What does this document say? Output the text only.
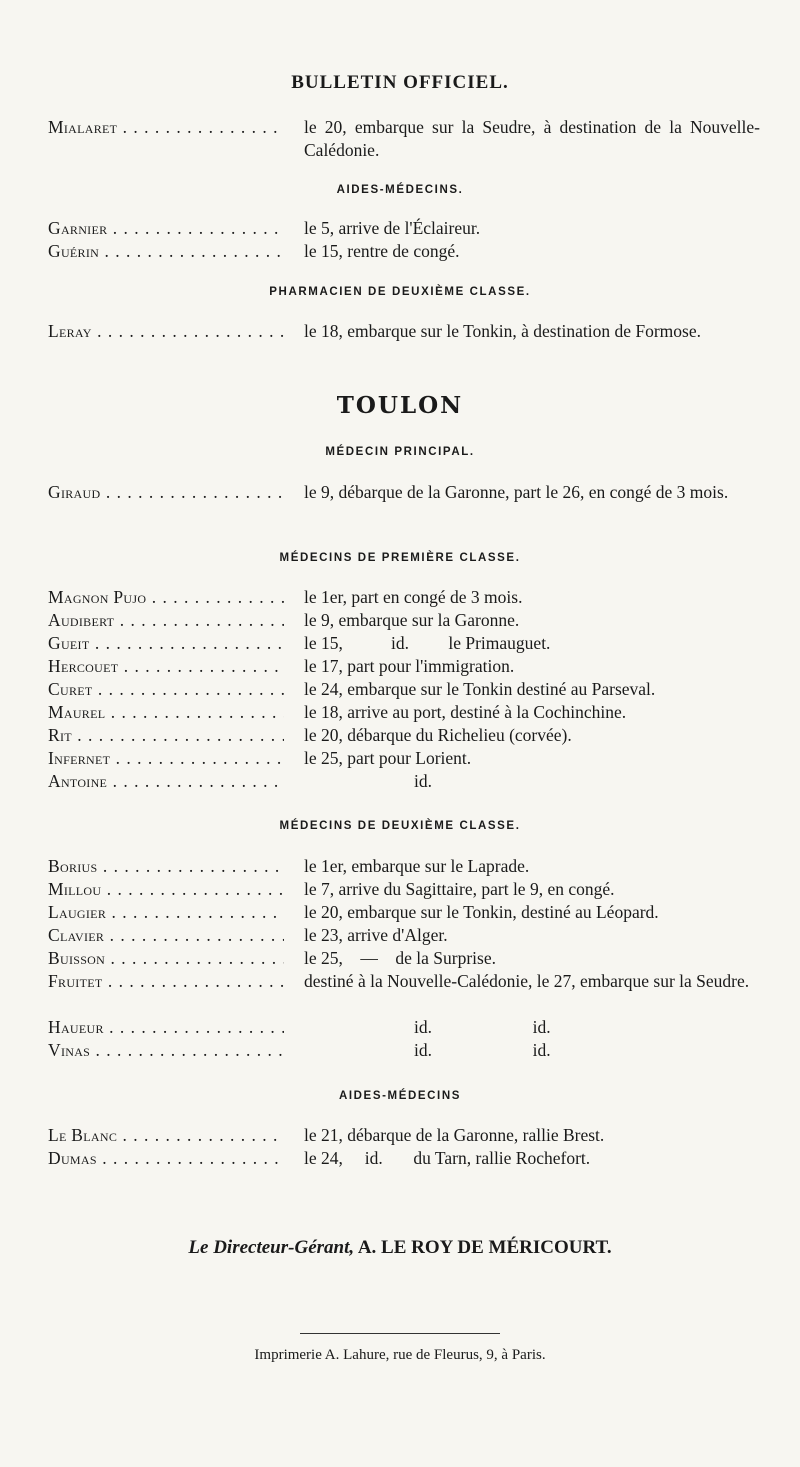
BULLETIN OFFICIEL.
Mialaret . . .	le 20, embarque sur la Seudre, à destination de la Nouvelle-Calédonie.
AIDES-MÉDECINS.
Garnier . . .	le 5, arrive de l'Éclaireur.
Guérin . . .	le 15, rentre de congé.
PHARMACIEN DE DEUXIÈME CLASSE.
Leray . . .	le 18, embarque sur le Tonkin, à destination de Formose.
TOULON
MÉDECIN PRINCIPAL.
Giraud . . .	le 9, débarque de la Garonne, part le 26, en congé de 3 mois.
MÉDECINS DE PREMIÈRE CLASSE.
Magnon Pujo . . .	le 1er, part en congé de 3 mois.
Audibert . . .	le 9, embarque sur la Garonne.
Gueit . . .	le 15,           id.         le Primauguet.
Hercouet . . .	le 17, part pour l'immigration.
Curet . . .	le 24, embarque sur le Tonkin destiné au Parseval.
Maurel . . .	le 18, arrive au port, destiné à la Cochinchine.
Rit . . .	le 20, débarque du Richelieu (corvée).
Infernet . . .	le 25, part pour Lorient.
Antoine . . .	id.
MÉDECINS DE DEUXIÈME CLASSE.
Borius . . .	le 1er, embarque sur le Laprade.
Millou . . .	le 7, arrive du Sagittaire, part le 9, en congé.
Laugier . . .	le 20, embarque sur le Tonkin, destiné au Léopard.
Clavier . . .	le 23, arrive d'Alger.
Buisson . . .	le 25,    —    de la Surprise.
Fruitet . . .	destiné à la Nouvelle-Calédonie, le 27, embarque sur la Seudre.
Haueur . . .	id.                       id.
Vinas . . .	id.                       id.
AIDES-MÉDECINS
Le Blanc . . .	le 21, débarque de la Garonne, rallie Brest.
Dumas . . .	le 24,     id.       du Tarn, rallie Rochefort.
Le Directeur-Gérant, A. LE ROY DE MÉRICOURT.
Imprimerie A. Lahure, rue de Fleurus, 9, à Paris.
